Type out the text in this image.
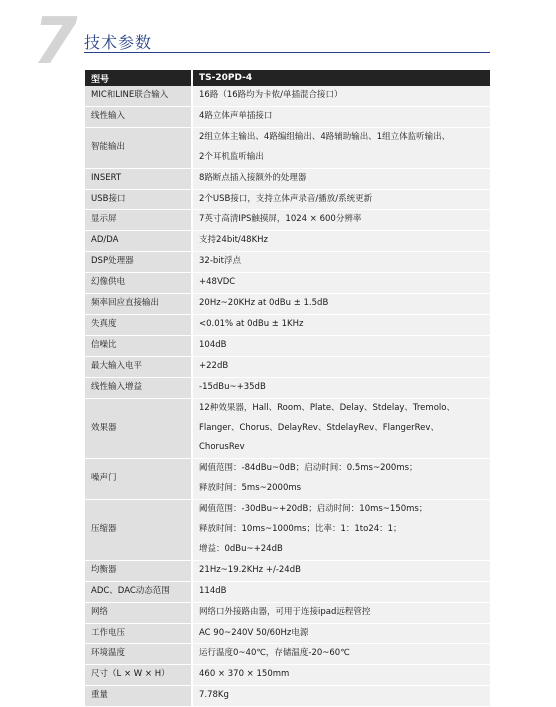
7 技术参数
型号	TS-20PD-4
MIC和LINE联合输入	16路（16路均为卡侬/单插混合接口）

线性输入	4路立体声单插接口

智能输出	2组立体主输出、4路编组输出、4路辅助输出、1组立体监听输出、
2个耳机监听输出

INSERT	8路断点插入接额外的处理器

USB接口	2个USB接口，支持立体声录音/播放/系统更新

显示屏	7英寸高清IPS触摸屏，1024 × 600分辨率

AD/DA	支持24bit/48KHz

DSP处理器	32-bit浮点

幻像供电	+48VDC

频率回应直接输出	20Hz~20KHz at 0dBu ± 1.5dB

失真度	<0.01% at 0dBu ± 1KHz

信噪比	104dB

最大输入电平	+22dB

线性输入增益	-15dBu~+35dB

效果器	12种效果器，Hall、Room、Plate、Delay、Stdelay、Tremolo、
Flanger、Chorus、DelayRev、StdelayRev、FlangerRev、
ChorusRev

噪声门	阈值范围：-84dBu~0dB；启动时间：0.5ms~200ms；
释放时间：5ms~2000ms

压缩器	阈值范围：-30dBu~+20dB；启动时间：10ms~150ms；
释放时间：10ms~1000ms；比率：1：1to24：1；
增益：0dBu~+24dB

均衡器	21Hz~19.2KHz +/-24dB

ADC、DAC动态范围	114dB

网络	网络口外接路由器，可用于连接ipad远程管控

工作电压	AC 90~240V 50/60Hz电源

环境温度	运行温度0~40℃，存储温度-20~60℃

尺寸（L × W × H）	460 × 370 × 150mm

重量	7.78Kg
